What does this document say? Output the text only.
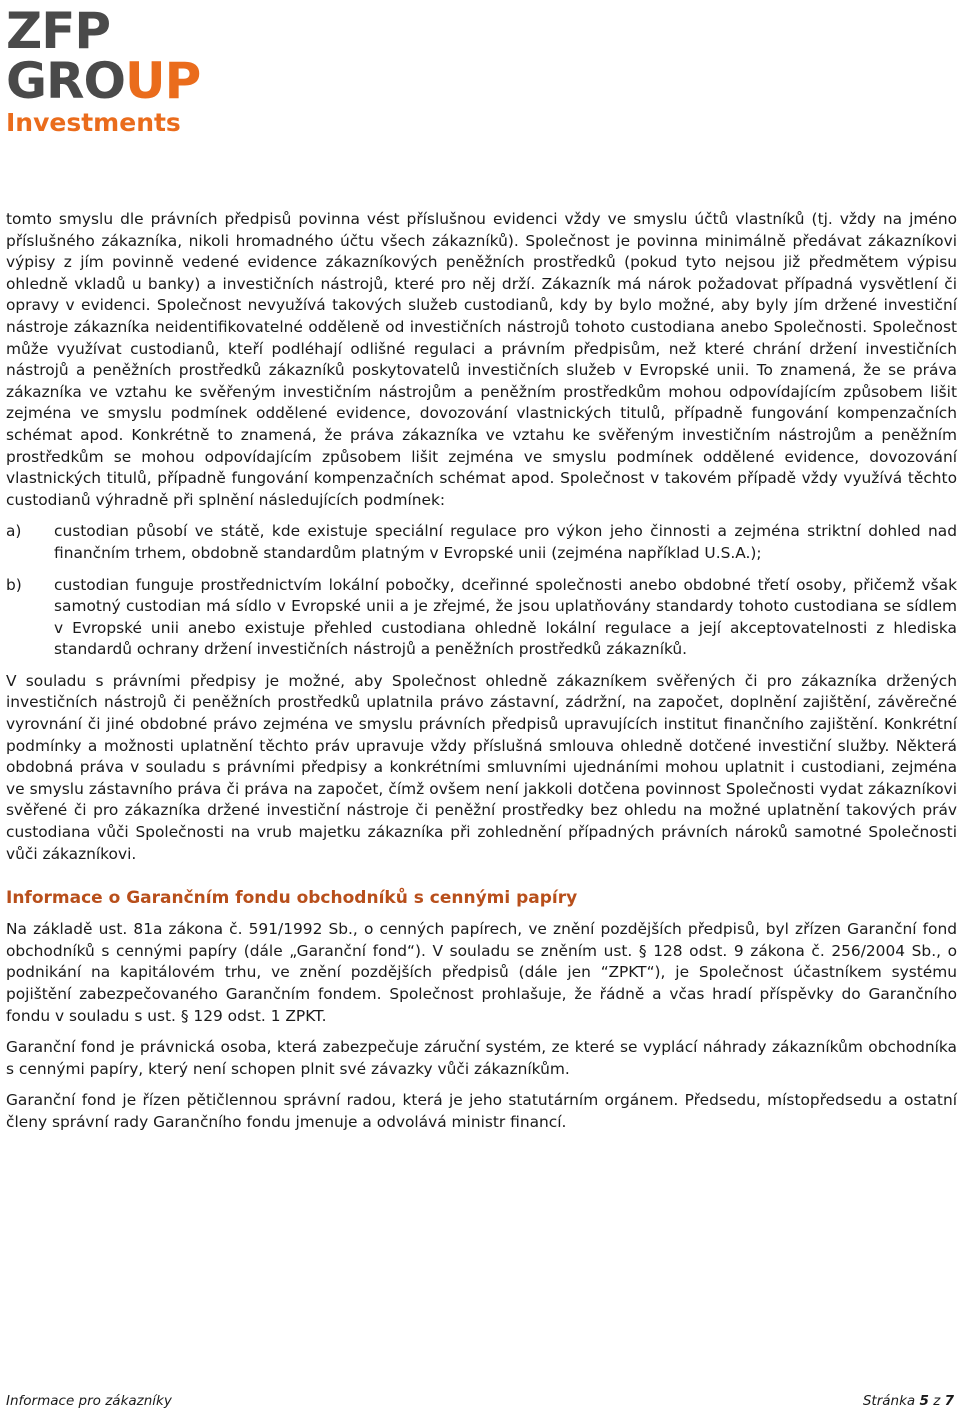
ZFP
GROUP
Investments

tomto smyslu dle právních předpisů povinna vést příslušnou evidenci vždy ve smyslu účtů vlastníků (tj. vždy na jméno příslušného zákazníka, nikoli hromadného účtu všech zákazníků). Společnost je povinna minimálně předávat zákazníkovi výpisy z jím povinně vedené evidence zákazníkových peněžních prostředků (pokud tyto nejsou již předmětem výpisu ohledně vkladů u banky) a investičních nástrojů, které pro něj drží. Zákazník má nárok požadovat případná vysvětlení či opravy v evidenci. Společnost nevyužívá takových služeb custodianů, kdy by bylo možné, aby byly jím držené investiční nástroje zákazníka neidentifikovatelné odděleně od investičních nástrojů tohoto custodiana anebo Společnosti. Společnost může využívat custodianů, kteří podléhají odlišné regulaci a právním předpisům, než které chrání držení investičních nástrojů a peněžních prostředků zákazníků poskytovatelů investičních služeb v Evropské unii. To znamená, že se práva zákazníka ve vztahu ke svěřeným investičním nástrojům a peněžním prostředkům mohou odpovídajícím způsobem lišit zejména ve smyslu podmínek oddělené evidence, dovozování vlastnických titulů, případně fungování kompenzačních schémat apod. Konkrétně to znamená, že práva zákazníka ve vztahu ke svěřeným investičním nástrojům a peněžním prostředkům se mohou odpovídajícím způsobem lišit zejména ve smyslu podmínek oddělené evidence, dovozování vlastnických titulů, případně fungování kompenzačních schémat apod. Společnost v takovém případě vždy využívá těchto custodianů výhradně při splnění následujících podmínek:

a)	custodian působí ve státě, kde existuje speciální regulace pro výkon jeho činnosti a zejména striktní dohled nad finančním trhem, obdobně standardům platným v Evropské unii (zejména například U.S.A.);
b)	custodian funguje prostřednictvím lokální pobočky, dceřinné společnosti anebo obdobné třetí osoby, přičemž však samotný custodian má sídlo v Evropské unii a je zřejmé, že jsou uplatňovány standardy tohoto custodiana se sídlem v Evropské unii anebo existuje přehled custodiana ohledně lokální regulace a její akceptovatelnosti z hlediska standardů ochrany držení investičních nástrojů a peněžních prostředků zákazníků.

V souladu s právními předpisy je možné, aby Společnost ohledně zákazníkem svěřených či pro zákazníka držených investičních nástrojů či peněžních prostředků uplatnila právo zástavní, zádržní, na započet, doplnění zajištění, závěrečné vyrovnání či jiné obdobné právo zejména ve smyslu právních předpisů upravujících institut finančního zajištění. Konkrétní podmínky a možnosti uplatnění těchto práv upravuje vždy příslušná smlouva ohledně dotčené investiční služby. Některá obdobná práva v souladu s právními předpisy a konkrétními smluvními ujednáními mohou uplatnit i custodiani, zejména ve smyslu zástavního práva či práva na započet, čímž ovšem není jakkoli dotčena povinnost Společnosti vydat zákazníkovi svěřené či pro zákazníka držené investiční nástroje či peněžní prostředky bez ohledu na možné uplatnění takových práv custodiana vůči Společnosti na vrub majetku zákazníka při zohlednění případných právních nároků samotné Společnosti vůči zákazníkovi.

Informace o Garančním fondu obchodníků s cennými papíry

Na základě ust. 81a zákona č. 591/1992 Sb., o cenných papírech, ve znění pozdějších předpisů, byl zřízen Garanční fond obchodníků s cennými papíry (dále „Garanční fond“). V souladu se zněním ust. § 128 odst. 9 zákona č. 256/2004 Sb., o podnikání na kapitálovém trhu, ve znění pozdějších předpisů (dále jen “ZPKT“), je Společnost účastníkem systému pojištění zabezpečovaného Garančním fondem. Společnost prohlašuje, že řádně a včas hradí příspěvky do Garančního fondu v souladu s ust. § 129 odst. 1 ZPKT.

Garanční fond je právnická osoba, která zabezpečuje záruční systém, ze které se vyplácí náhrady zákazníkům obchodníka s cennými papíry, který není schopen plnit své závazky vůči zákazníkům.

Garanční fond je řízen pětičlennou správní radou, která je jeho statutárním orgánem. Předsedu, místopředsedu a ostatní členy správní rady Garančního fondu jmenuje a odvolává ministr financí.

Informace pro zákazníky	Stránka 5 z 7
